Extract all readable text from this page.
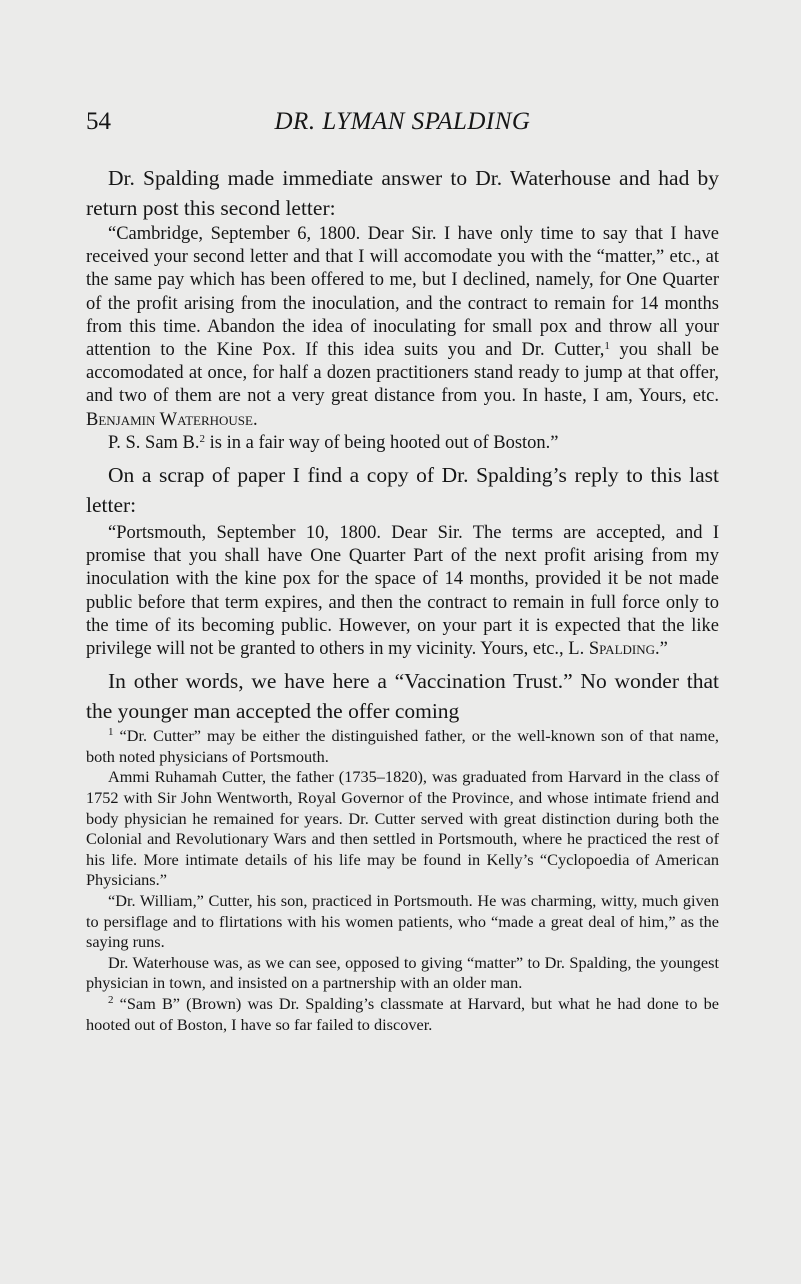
54	DR. LYMAN SPALDING

Dr. Spalding made immediate answer to Dr. Waterhouse and had by return post this second letter:

“Cambridge, September 6, 1800. Dear Sir. I have only time to say that I have received your second letter and that I will accomodate you with the “matter,” etc., at the same pay which has been offered to me, but I declined, namely, for One Quarter of the profit arising from the inoculation, and the contract to remain for 14 months from this time. Abandon the idea of inoculating for small pox and throw all your attention to the Kine Pox. If this idea suits you and Dr. Cutter,$^1$ you shall be accomodated at once, for half a dozen practitioners stand ready to jump at that offer, and two of them are not a very great distance from you. In haste, I am, Yours, etc. Benjamin Waterhouse.

P. S. Sam B.$^2$ is in a fair way of being hooted out of Boston.”

On a scrap of paper I find a copy of Dr. Spalding’s reply to this last letter:

“Portsmouth, September 10, 1800. Dear Sir. The terms are accepted, and I promise that you shall have One Quarter Part of the next profit arising from my inoculation with the kine pox for the space of 14 months, provided it be not made public before that term expires, and then the contract to remain in full force only to the time of its becoming public. However, on your part it is expected that the like privilege will not be granted to others in my vicinity. Yours, etc., L. Spalding.”

In other words, we have here a “Vaccination Trust.” No wonder that the younger man accepted the offer coming

$^1$ “Dr. Cutter” may be either the distinguished father, or the well-known son of that name, both noted physicians of Portsmouth.

Ammi Ruhamah Cutter, the father (1735–1820), was graduated from Harvard in the class of 1752 with Sir John Wentworth, Royal Governor of the Province, and whose intimate friend and body physician he remained for years. Dr. Cutter served with great distinction during both the Colonial and Revolutionary Wars and then settled in Portsmouth, where he practiced the rest of his life. More intimate details of his life may be found in Kelly’s “Cyclopoedia of American Physicians.”

“Dr. William,” Cutter, his son, practiced in Portsmouth. He was charming, witty, much given to persiflage and to flirtations with his women patients, who “made a great deal of him,” as the saying runs.

Dr. Waterhouse was, as we can see, opposed to giving “matter” to Dr. Spalding, the youngest physician in town, and insisted on a partnership with an older man.

$^2$ “Sam B” (Brown) was Dr. Spalding’s classmate at Harvard, but what he had done to be hooted out of Boston, I have so far failed to discover.
